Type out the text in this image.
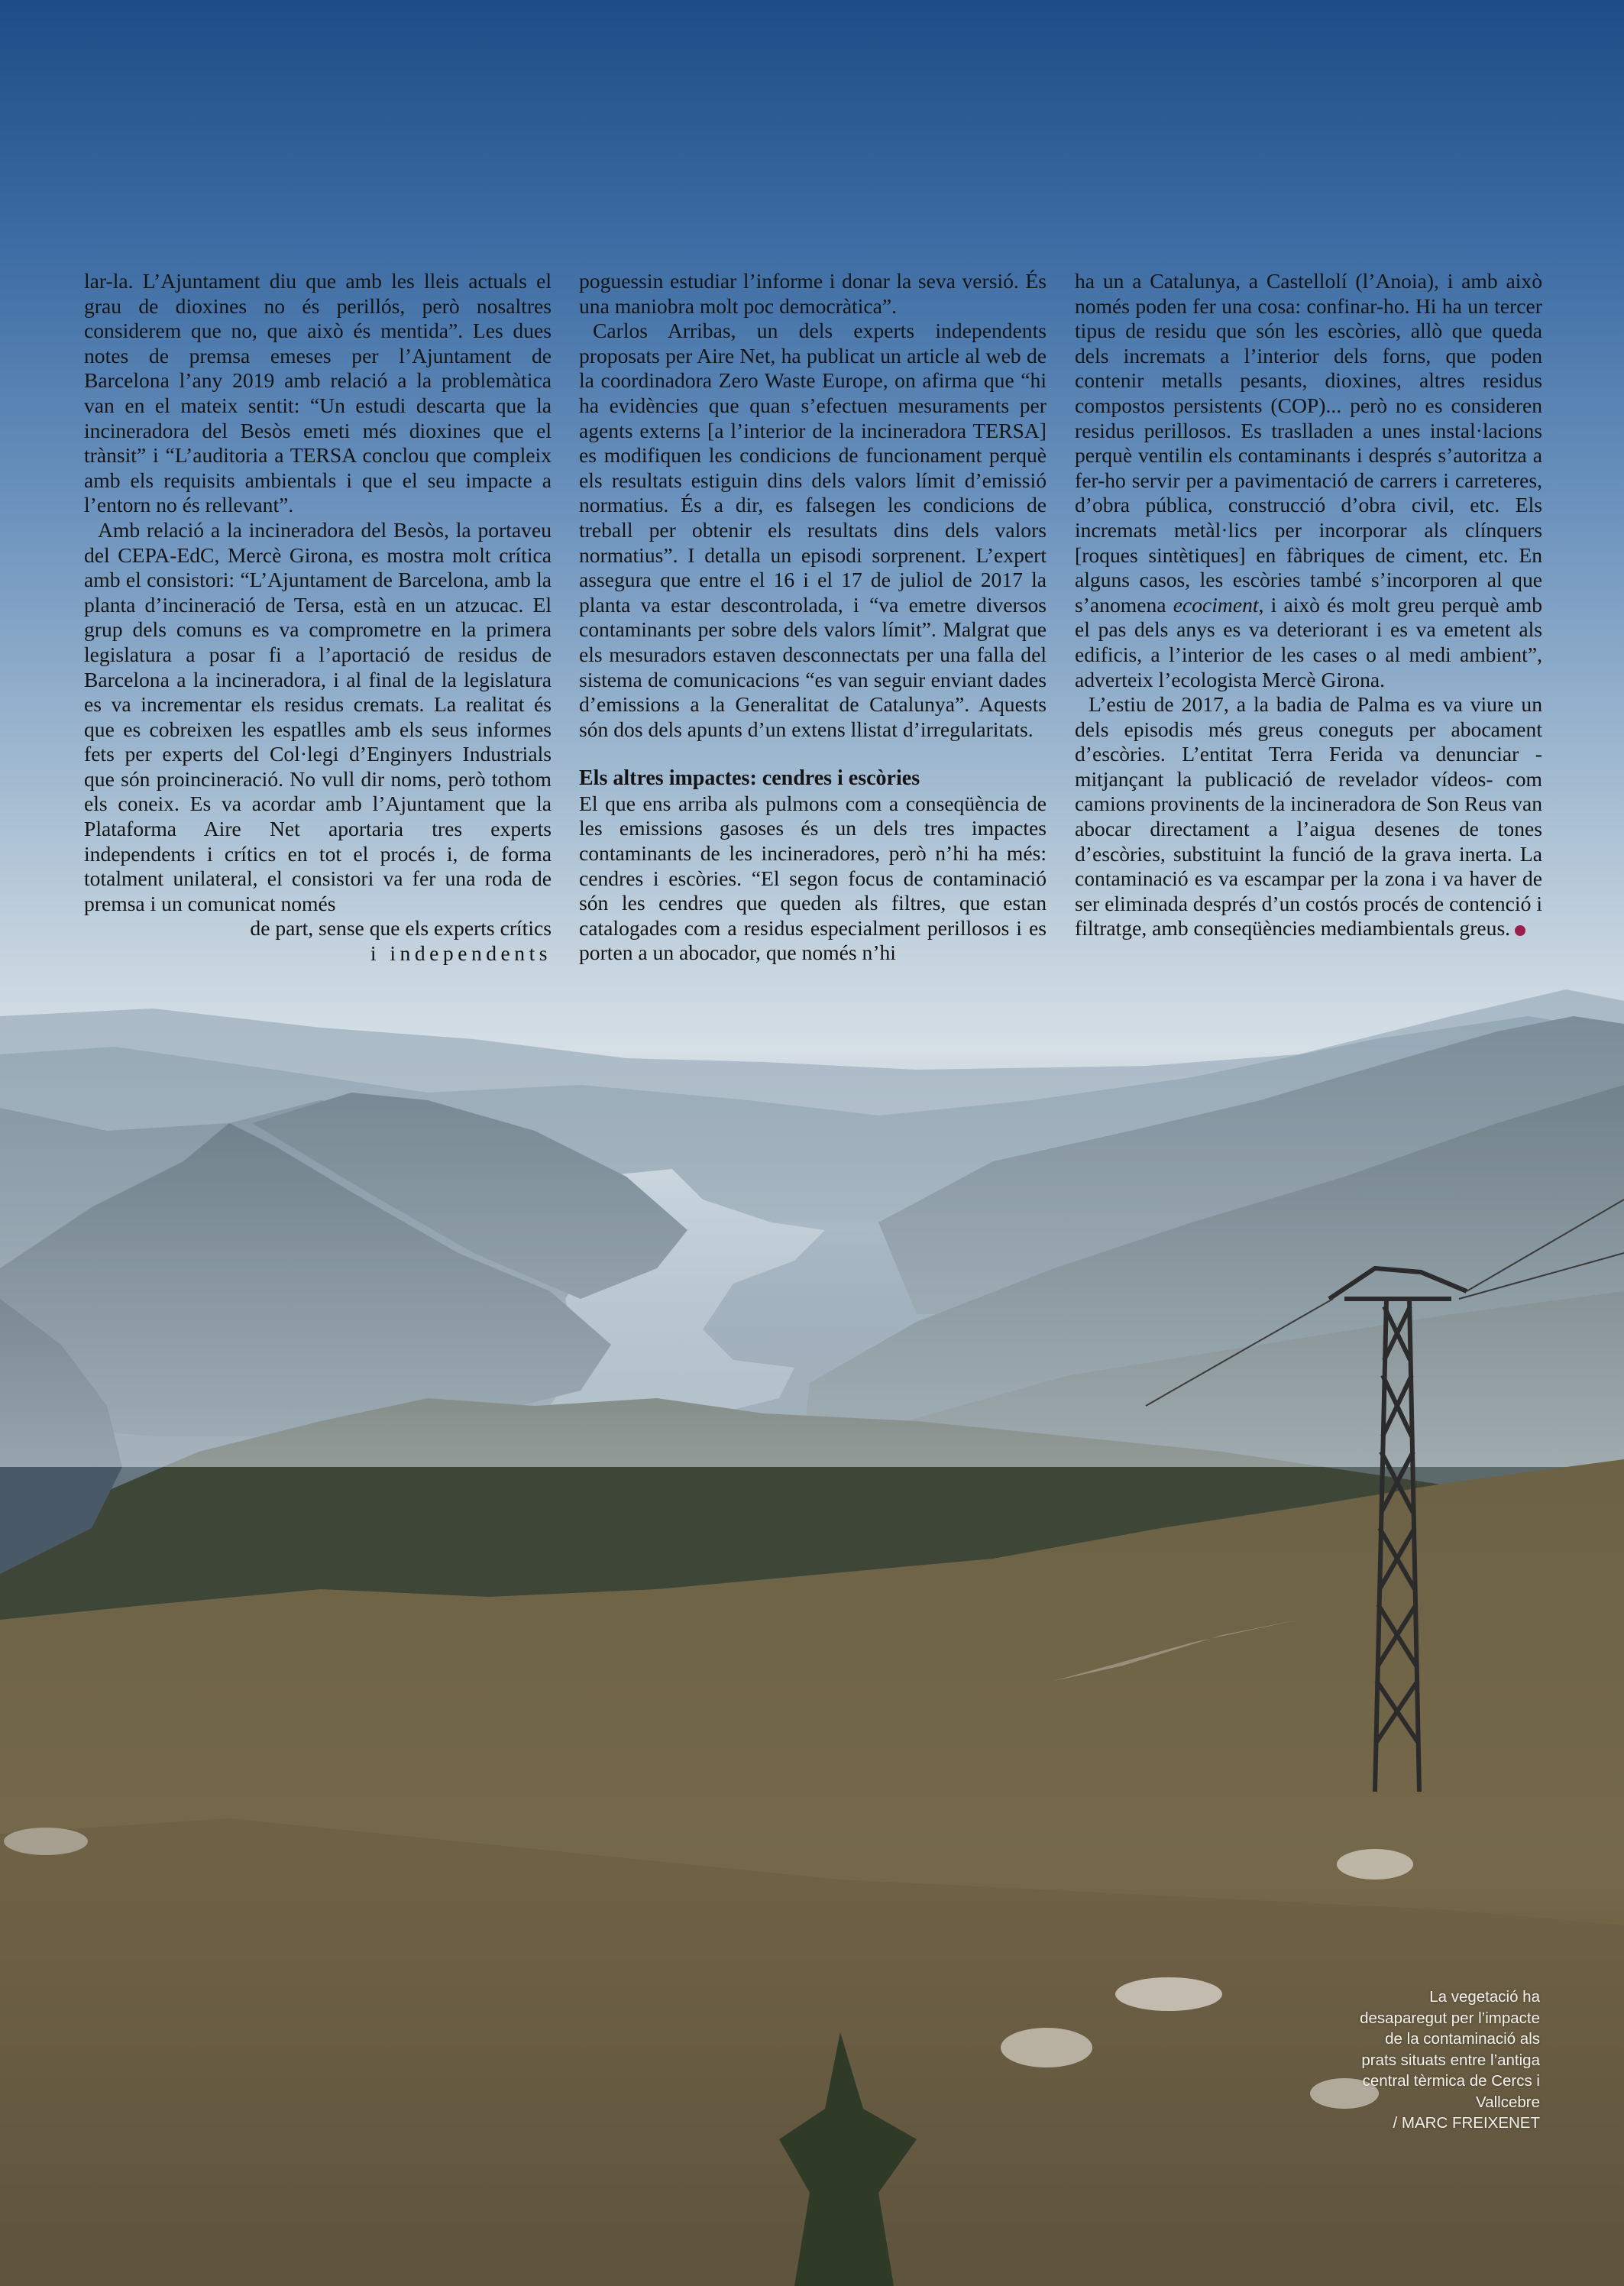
lar-la. L’Ajuntament diu que amb les lleis actuals el grau de dioxines no és perillós, però nosaltres considerem que no, que això és mentida”. Les dues notes de premsa emeses per l’Ajuntament de Barcelona l’any 2019 amb relació a la problemàtica van en el mateix sentit: “Un estudi descarta que la incineradora del Besòs emeti més dioxines que el trànsit” i “L’auditoria a TERSA conclou que compleix amb els requisits ambientals i que el seu impacte a l’entorn no és rellevant”.

Amb relació a la incineradora del Besòs, la portaveu del CEPA-EdC, Mercè Girona, es mostra molt crítica amb el consistori: “L’Ajuntament de Barcelona, amb la planta d’incineració de Tersa, està en un atzucac. El grup dels comuns es va comprometre en la primera legislatura a posar fi a l’aportació de residus de Barcelona a la incineradora, i al final de la legislatura es va incrementar els residus cremats. La realitat és que es cobreixen les espatlles amb els seus informes fets per experts del Col·legi d’Enginyers Industrials que són proincineració. No vull dir noms, però tothom els coneix. Es va acordar amb l’Ajuntament que la Plataforma Aire Net aportaria tres experts independents i crítics en tot el procés i, de forma totalment unilateral, el consistori va fer una roda de premsa i un comunicat només

de part, sense que els experts crítics

i independents

poguessin estudiar l’informe i donar la seva versió. És una maniobra molt poc democràtica”.

Carlos Arribas, un dels experts independents proposats per Aire Net, ha publicat un article al web de la coordinadora Zero Waste Europe, on afirma que “hi ha evidències que quan s’efectuen mesuraments per agents externs [a l’interior de la incineradora TERSA] es modifiquen les condicions de funcionament perquè els resultats estiguin dins dels valors límit d’emissió normatius. És a dir, es falsegen les condicions de treball per obtenir els resultats dins dels valors normatius”. I detalla un episodi sorprenent. L’expert assegura que entre el 16 i el 17 de juliol de 2017 la planta va estar descontrolada, i “va emetre diversos contaminants per sobre dels valors límit”. Malgrat que els mesuradors estaven desconnectats per una falla del sistema de comunicacions “es van seguir enviant dades d’emissions a la Generalitat de Catalunya”. Aquests són dos dels apunts d’un extens llistat d’irregularitats.

Els altres impactes: cendres i escòries

El que ens arriba als pulmons com a conseqüència de les emissions gasoses és un dels tres impactes contaminants de les incineradores, però n’hi ha més: cendres i escòries. “El segon focus de contaminació són les cendres que queden als filtres, que estan catalogades com a residus especialment perillosos i es porten a un abocador, que només n’hi

ha un a Catalunya, a Castellolí (l’Anoia), i amb això només poden fer una cosa: confinar-ho. Hi ha un tercer tipus de residu que són les escòries, allò que queda dels incremats a l’interior dels forns, que poden contenir metalls pesants, dioxines, altres residus compostos persistents (COP)... però no es consideren residus perillosos. Es traslladen a unes instal·lacions perquè ventilin els contaminants i després s’autoritza a fer-ho servir per a pavimentació de carrers i carreteres, d’obra pública, construcció d’obra civil, etc. Els incremats metàl·lics per incorporar als clínquers [roques sintètiques] en fàbriques de ciment, etc. En alguns casos, les escòries també s’incorporen al que s’anomena ecociment, i això és molt greu perquè amb el pas dels anys es va deteriorant i es va emetent als edificis, a l’interior de les cases o al medi ambient”, adverteix l’ecologista Mercè Girona.

L’estiu de 2017, a la badia de Palma es va viure un dels episodis més greus coneguts per abocament d’escòries. L’entitat Terra Ferida va denunciar -mitjançant la publicació de revelador vídeos- com camions provinents de la incineradora de Son Reus van abocar directament a l’aigua desenes de tones d’escòries, substituint la funció de la grava inerta. La contaminació es va escampar per la zona i va haver de ser eliminada després d’un costós procés de contenció i filtratge, amb conseqüències mediambientals greus.

La vegetació ha desaparegut per l’impacte de la contaminació als prats situats entre l’antiga central tèrmica de Cercs i Vallcebre
/ MARC FREIXENET
